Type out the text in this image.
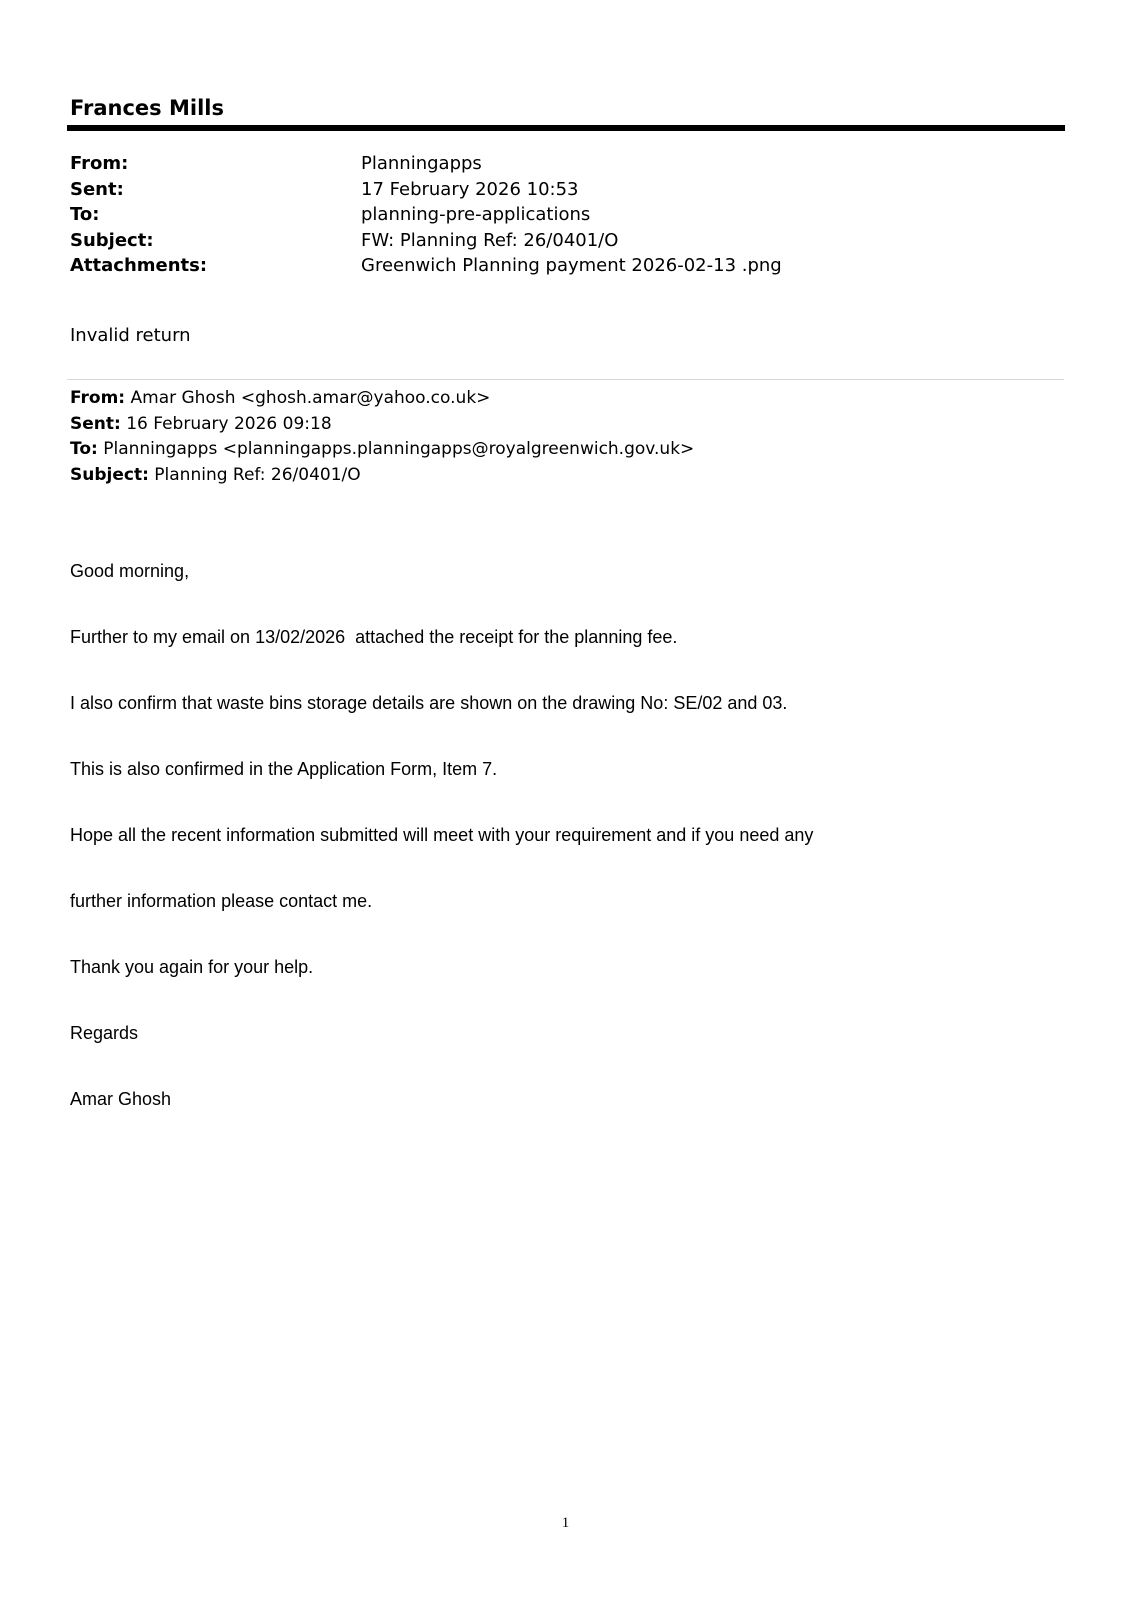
Frances Mills
From:	Planningapps
Sent:	17 February 2026 10:53
To:	planning-pre-applications
Subject:	FW: Planning Ref: 26/0401/O
Attachments:	Greenwich Planning payment 2026-02-13 .png
Invalid return
From: Amar Ghosh <ghosh.amar@yahoo.co.uk>
Sent: 16 February 2026 09:18
To: Planningapps <planningapps.planningapps@royalgreenwich.gov.uk>
Subject: Planning Ref: 26/0401/O

Good morning,

Further to my email on 13/02/2026  attached the receipt for the planning fee.

I also confirm that waste bins storage details are shown on the drawing No: SE/02 and 03.

This is also confirmed in the Application Form, Item 7.

Hope all the recent information submitted will meet with your requirement and if you need any

further information please contact me.

Thank you again for your help.

Regards

Amar Ghosh

1
